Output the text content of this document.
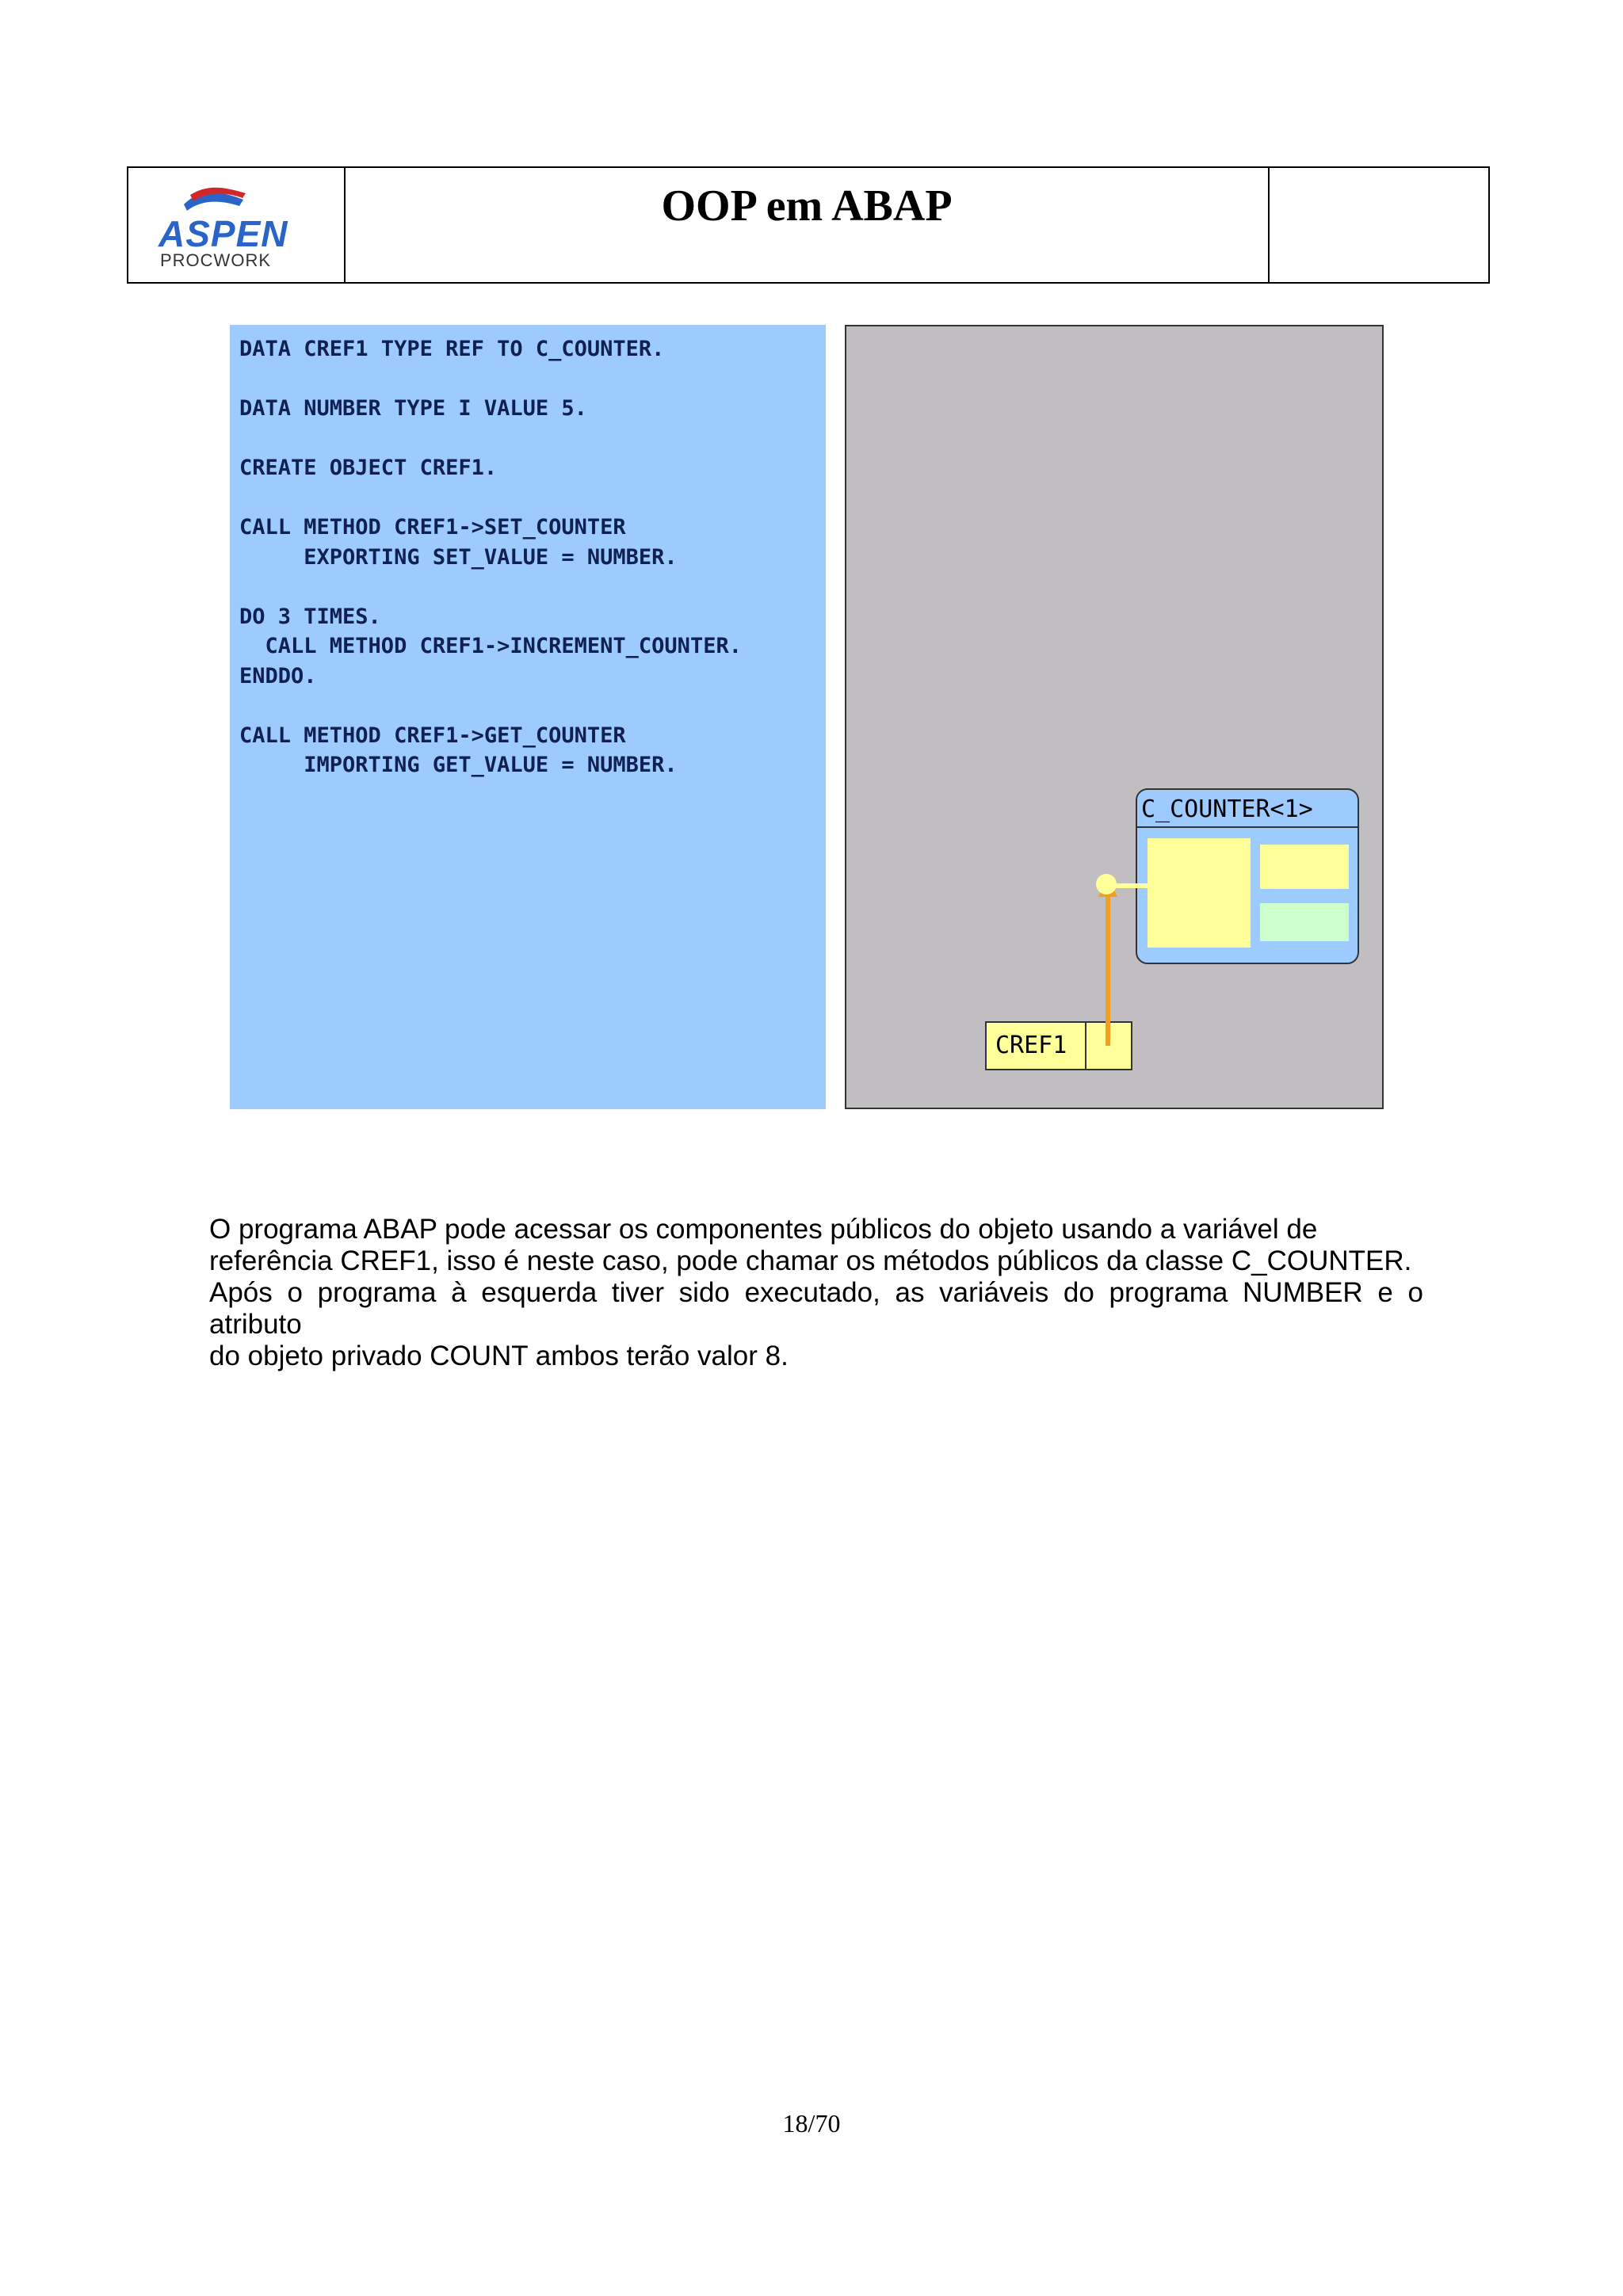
ASPEN
PROCWORK
OOP em ABAP
DATA CREF1 TYPE REF TO C_COUNTER.

DATA NUMBER TYPE I VALUE 5.

CREATE OBJECT CREF1.

CALL METHOD CREF1->SET_COUNTER
EXPORTING SET_VALUE = NUMBER.

DO 3 TIMES.
CALL METHOD CREF1->INCREMENT_COUNTER.
ENDDO.

CALL METHOD CREF1->GET_COUNTER
IMPORTING GET_VALUE = NUMBER.
C_COUNTER<1>
CREF1
O programa ABAP pode acessar os componentes públicos do objeto usando a variável de
referência CREF1, isso é neste caso, pode chamar os métodos públicos da classe C_COUNTER.
Após o programa à esquerda tiver sido executado, as variáveis do programa NUMBER e o atributo
do objeto privado COUNT ambos terão valor 8.
18/70
